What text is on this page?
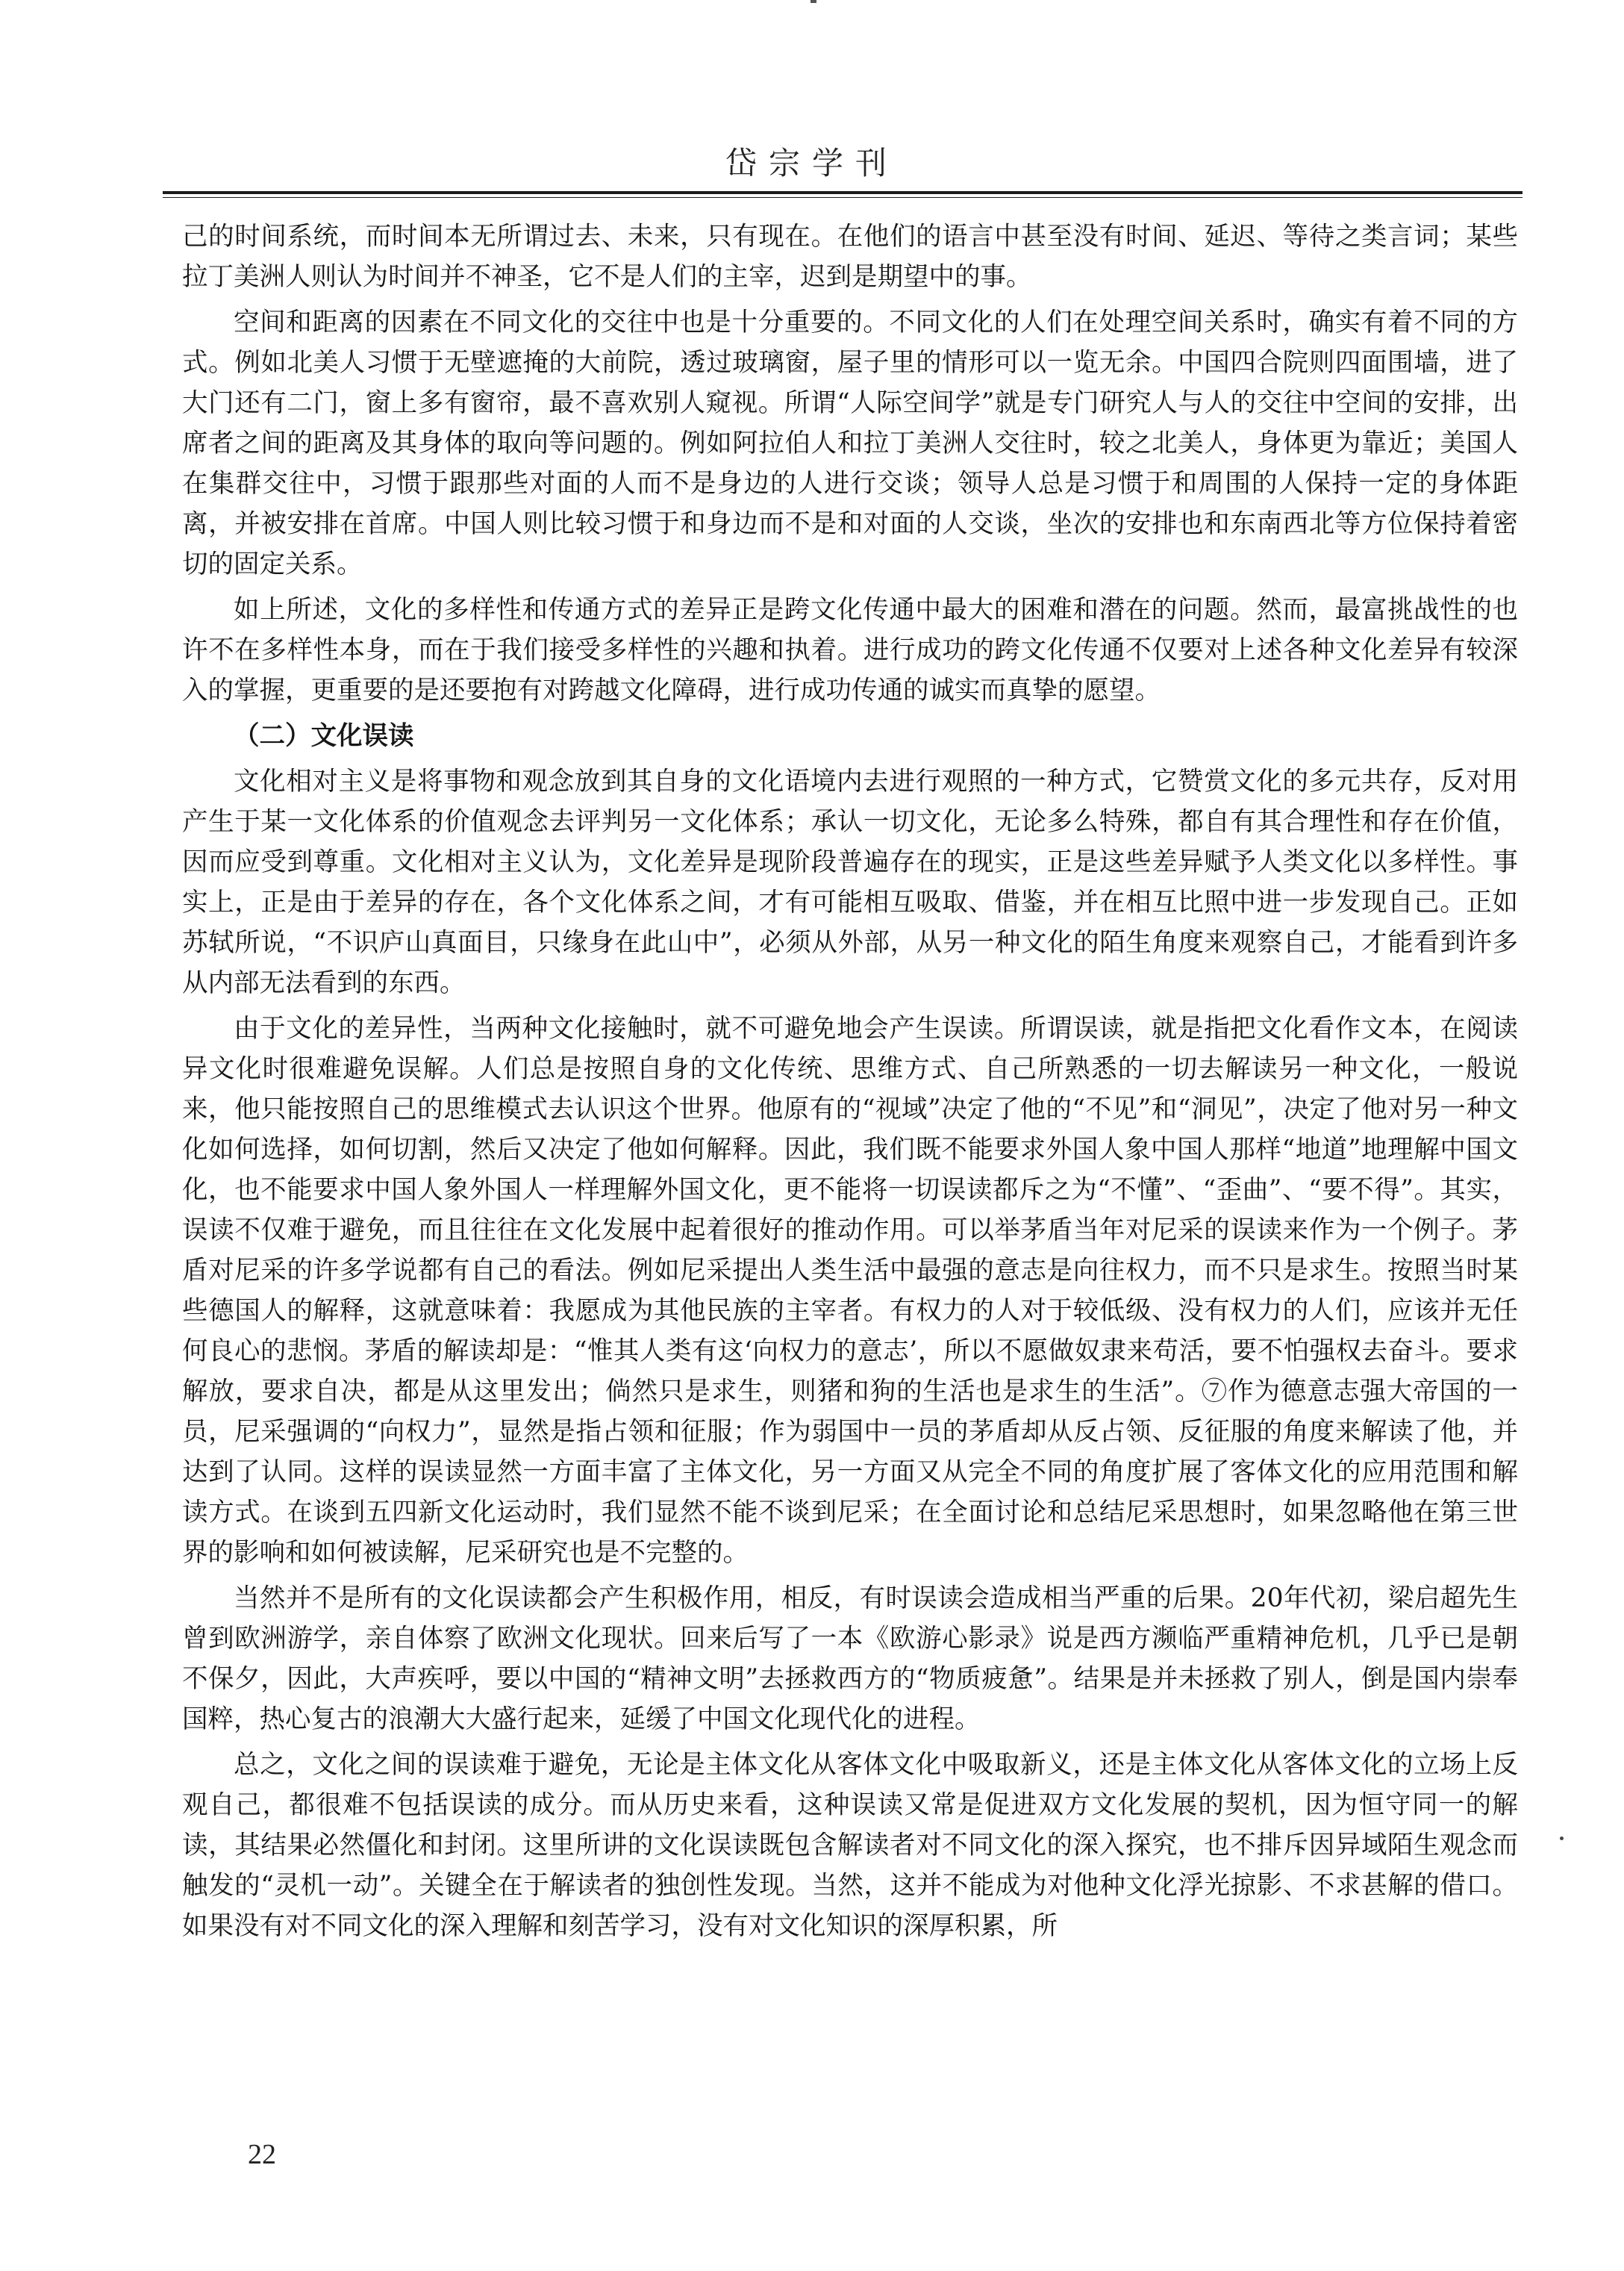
岱宗学刊

己的时间系统，而时间本无所谓过去、未来，只有现在。在他们的语言中甚至没有时间、延迟、等待之类言词；某些拉丁美洲人则认为时间并不神圣，它不是人们的主宰，迟到是期望中的事。

空间和距离的因素在不同文化的交往中也是十分重要的。不同文化的人们在处理空间关系时，确实有着不同的方式。例如北美人习惯于无壁遮掩的大前院，透过玻璃窗，屋子里的情形可以一览无余。中国四合院则四面围墙，进了大门还有二门，窗上多有窗帘，最不喜欢别人窥视。所谓“人际空间学”就是专门研究人与人的交往中空间的安排，出席者之间的距离及其身体的取向等问题的。例如阿拉伯人和拉丁美洲人交往时，较之北美人，身体更为靠近；美国人在集群交往中，习惯于跟那些对面的人而不是身边的人进行交谈；领导人总是习惯于和周围的人保持一定的身体距离，并被安排在首席。中国人则比较习惯于和身边而不是和对面的人交谈，坐次的安排也和东南西北等方位保持着密切的固定关系。

如上所述，文化的多样性和传通方式的差异正是跨文化传通中最大的困难和潜在的问题。然而，最富挑战性的也许不在多样性本身，而在于我们接受多样性的兴趣和执着。进行成功的跨文化传通不仅要对上述各种文化差异有较深入的掌握，更重要的是还要抱有对跨越文化障碍，进行成功传通的诚实而真挚的愿望。

（二）文化误读

文化相对主义是将事物和观念放到其自身的文化语境内去进行观照的一种方式，它赞赏文化的多元共存，反对用产生于某一文化体系的价值观念去评判另一文化体系；承认一切文化，无论多么特殊，都自有其合理性和存在价值，因而应受到尊重。文化相对主义认为，文化差异是现阶段普遍存在的现实，正是这些差异赋予人类文化以多样性。事实上，正是由于差异的存在，各个文化体系之间，才有可能相互吸取、借鉴，并在相互比照中进一步发现自己。正如苏轼所说，“不识庐山真面目，只缘身在此山中”，必须从外部，从另一种文化的陌生角度来观察自己，才能看到许多从内部无法看到的东西。

由于文化的差异性，当两种文化接触时，就不可避免地会产生误读。所谓误读，就是指把文化看作文本，在阅读异文化时很难避免误解。人们总是按照自身的文化传统、思维方式、自己所熟悉的一切去解读另一种文化，一般说来，他只能按照自己的思维模式去认识这个世界。他原有的“视域”决定了他的“不见”和“洞见”，决定了他对另一种文化如何选择，如何切割，然后又决定了他如何解释。因此，我们既不能要求外国人象中国人那样“地道”地理解中国文化，也不能要求中国人象外国人一样理解外国文化，更不能将一切误读都斥之为“不懂”、“歪曲”、“要不得”。其实，误读不仅难于避免，而且往往在文化发展中起着很好的推动作用。可以举茅盾当年对尼采的误读来作为一个例子。茅盾对尼采的许多学说都有自己的看法。例如尼采提出人类生活中最强的意志是向往权力，而不只是求生。按照当时某些德国人的解释，这就意味着：我愿成为其他民族的主宰者。有权力的人对于较低级、没有权力的人们，应该并无任何良心的悲悯。茅盾的解读却是：“惟其人类有这‘向权力的意志’，所以不愿做奴隶来苟活，要不怕强权去奋斗。要求解放，要求自决，都是从这里发出；倘然只是求生，则猪和狗的生活也是求生的生活”。⑦作为德意志强大帝国的一员，尼采强调的“向权力”，显然是指占领和征服；作为弱国中一员的茅盾却从反占领、反征服的角度来解读了他，并达到了认同。这样的误读显然一方面丰富了主体文化，另一方面又从完全不同的角度扩展了客体文化的应用范围和解读方式。在谈到五四新文化运动时，我们显然不能不谈到尼采；在全面讨论和总结尼采思想时，如果忽略他在第三世界的影响和如何被读解，尼采研究也是不完整的。

当然并不是所有的文化误读都会产生积极作用，相反，有时误读会造成相当严重的后果。20年代初，梁启超先生曾到欧洲游学，亲自体察了欧洲文化现状。回来后写了一本《欧游心影录》说是西方濒临严重精神危机，几乎已是朝不保夕，因此，大声疾呼，要以中国的“精神文明”去拯救西方的“物质疲惫”。结果是并未拯救了别人，倒是国内崇奉国粹，热心复古的浪潮大大盛行起来，延缓了中国文化现代化的进程。

总之，文化之间的误读难于避免，无论是主体文化从客体文化中吸取新义，还是主体文化从客体文化的立场上反观自己，都很难不包括误读的成分。而从历史来看，这种误读又常是促进双方文化发展的契机，因为恒守同一的解读，其结果必然僵化和封闭。这里所讲的文化误读既包含解读者对不同文化的深入探究，也不排斥因异域陌生观念而触发的“灵机一动”。关键全在于解读者的独创性发现。当然，这并不能成为对他种文化浮光掠影、不求甚解的借口。如果没有对不同文化的深入理解和刻苦学习，没有对文化知识的深厚积累，所

22
